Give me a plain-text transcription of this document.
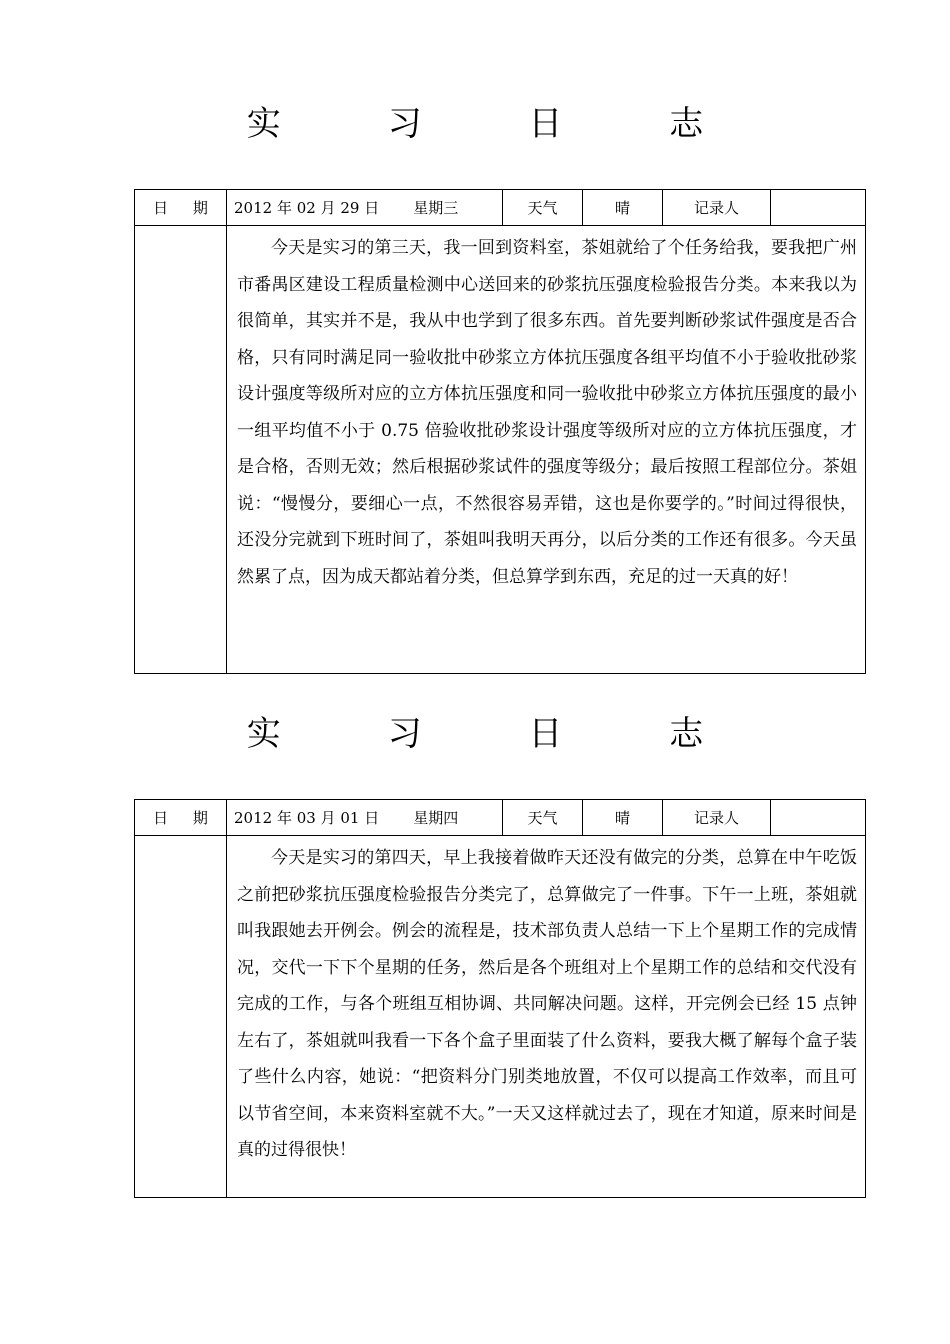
实 习 日 志
日 期	2012 年 02 月 29 日 星期三	天气	晴	记录人	

	今天是实习的第三天，我一回到资料室，茶姐就给了个任务给我，要我把广州市番禺区建设工程质量检测中心送回来的砂浆抗压强度检验报告分类。本来我以为很简单，其实并不是，我从中也学到了很多东西。首先要判断砂浆试件强度是否合格，只有同时满足同一验收批中砂浆立方体抗压强度各组平均值不小于验收批砂浆设计强度等级所对应的立方体抗压强度和同一验收批中砂浆立方体抗压强度的最小一组平均值不小于 0.75 倍验收批砂浆设计强度等级所对应的立方体抗压强度，才是合格，否则无效；然后根据砂浆试件的强度等级分；最后按照工程部位分。茶姐说：“慢慢分，要细心一点，不然很容易弄错，这也是你要学的。”时间过得很快，还没分完就到下班时间了，茶姐叫我明天再分，以后分类的工作还有很多。今天虽然累了点，因为成天都站着分类，但总算学到东西，充足的过一天真的好！				
实 习 日 志
日 期	2012 年 03 月 01 日 星期四	天气	晴	记录人	

	今天是实习的第四天，早上我接着做昨天还没有做完的分类，总算在中午吃饭之前把砂浆抗压强度检验报告分类完了，总算做完了一件事。下午一上班，茶姐就叫我跟她去开例会。例会的流程是，技术部负责人总结一下上个星期工作的完成情况，交代一下下个星期的任务，然后是各个班组对上个星期工作的总结和交代没有完成的工作，与各个班组互相协调、共同解决问题。这样，开完例会已经 15 点钟左右了，茶姐就叫我看一下各个盒子里面装了什么资料，要我大概了解每个盒子装了些什么内容，她说：“把资料分门别类地放置，不仅可以提高工作效率，而且可以节省空间，本来资料室就不大。”一天又这样就过去了，现在才知道，原来时间是真的过得很快！				
